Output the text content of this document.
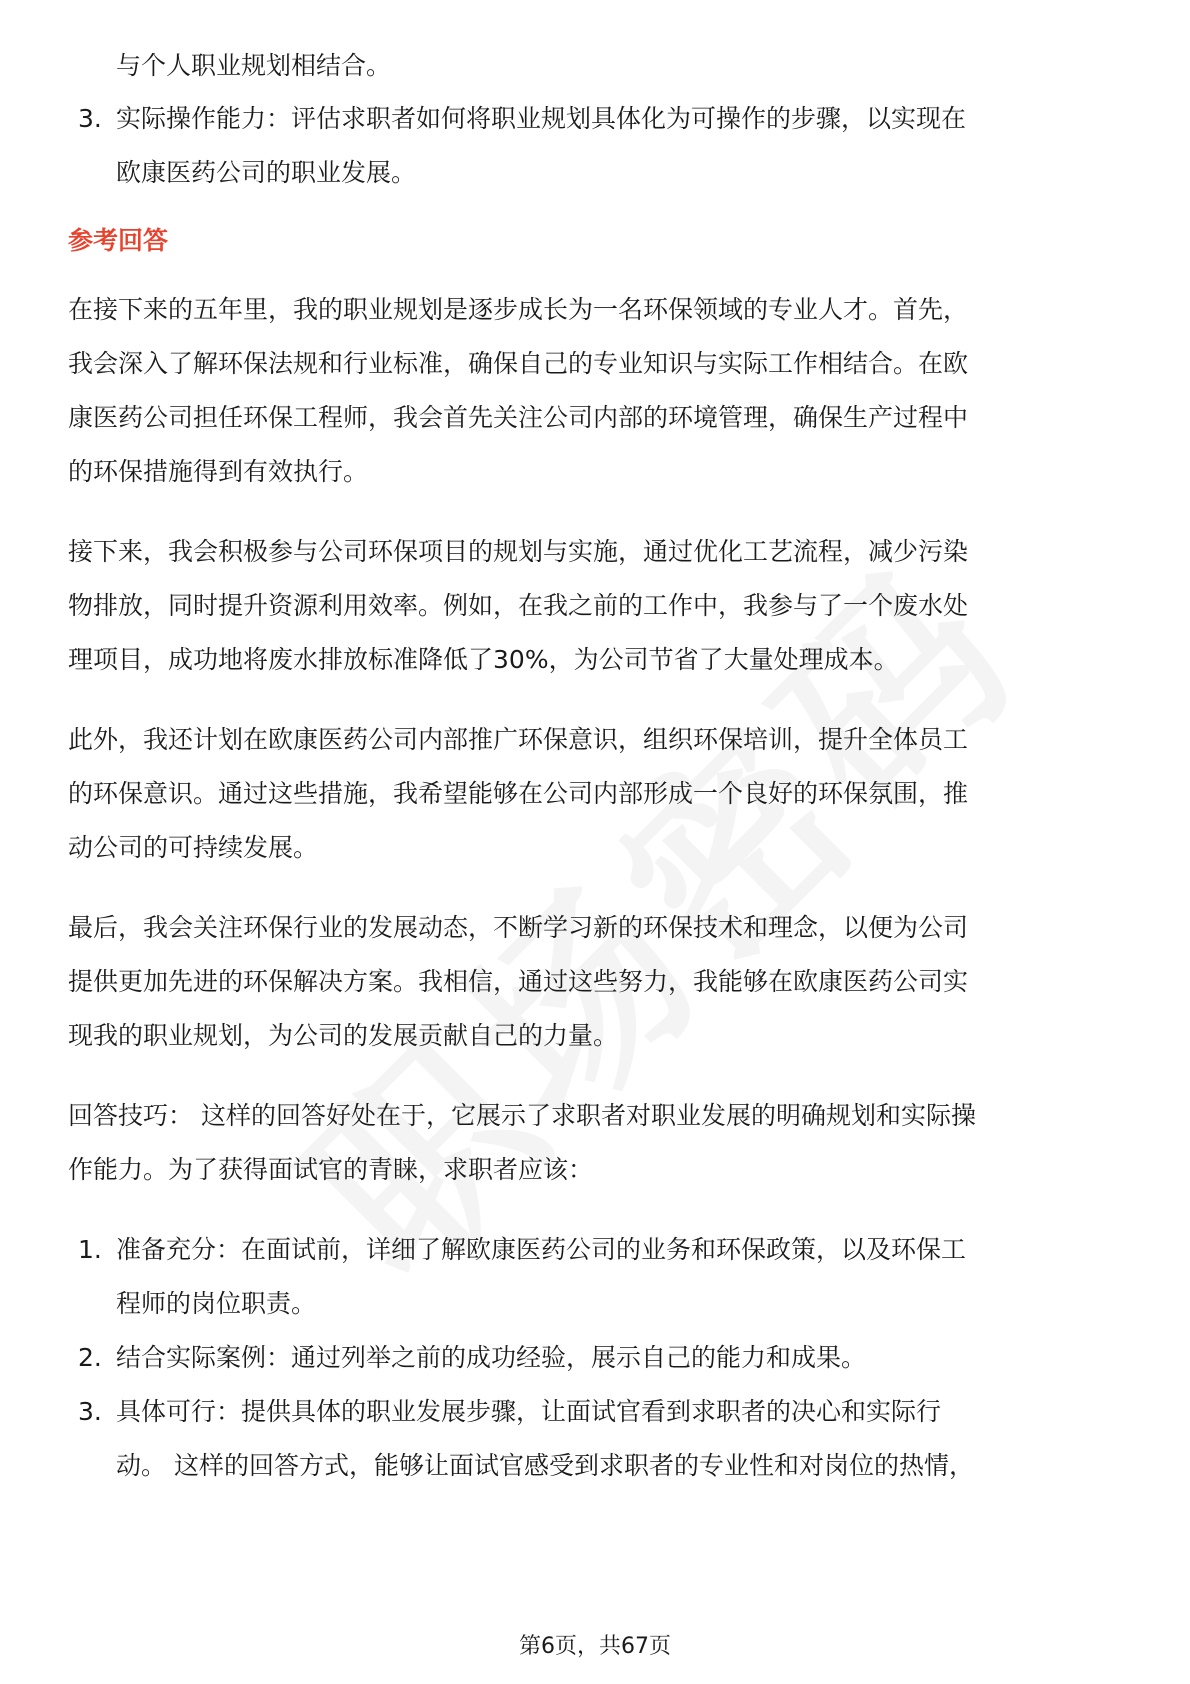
与个人职业规划相结合。
3. 实际操作能力：评估求职者如何将职业规划具体化为可操作的步骤，以实现在
欧康医药公司的职业发展。
参考回答
在接下来的五年里，我的职业规划是逐步成长为一名环保领域的专业人才。首先，
我会深入了解环保法规和行业标准，确保自己的专业知识与实际工作相结合。在欧
康医药公司担任环保工程师，我会首先关注公司内部的环境管理，确保生产过程中
的环保措施得到有效执行。
接下来，我会积极参与公司环保项目的规划与实施，通过优化工艺流程，减少污染
物排放，同时提升资源利用效率。例如，在我之前的工作中，我参与了一个废水处
理项目，成功地将废水排放标准降低了30%，为公司节省了大量处理成本。
此外，我还计划在欧康医药公司内部推广环保意识，组织环保培训，提升全体员工
的环保意识。通过这些措施，我希望能够在公司内部形成一个良好的环保氛围，推
动公司的可持续发展。
最后，我会关注环保行业的发展动态，不断学习新的环保技术和理念，以便为公司
提供更加先进的环保解决方案。我相信，通过这些努力，我能够在欧康医药公司实
现我的职业规划，为公司的发展贡献自己的力量。
回答技巧： 这样的回答好处在于，它展示了求职者对职业发展的明确规划和实际操
作能力。为了获得面试官的青睐，求职者应该：
1. 准备充分：在面试前，详细了解欧康医药公司的业务和环保政策，以及环保工
程师的岗位职责。
2. 结合实际案例：通过列举之前的成功经验，展示自己的能力和成果。
3. 具体可行：提供具体的职业发展步骤，让面试官看到求职者的决心和实际行
动。 这样的回答方式，能够让面试官感受到求职者的专业性和对岗位的热情，
第6页，共67页
